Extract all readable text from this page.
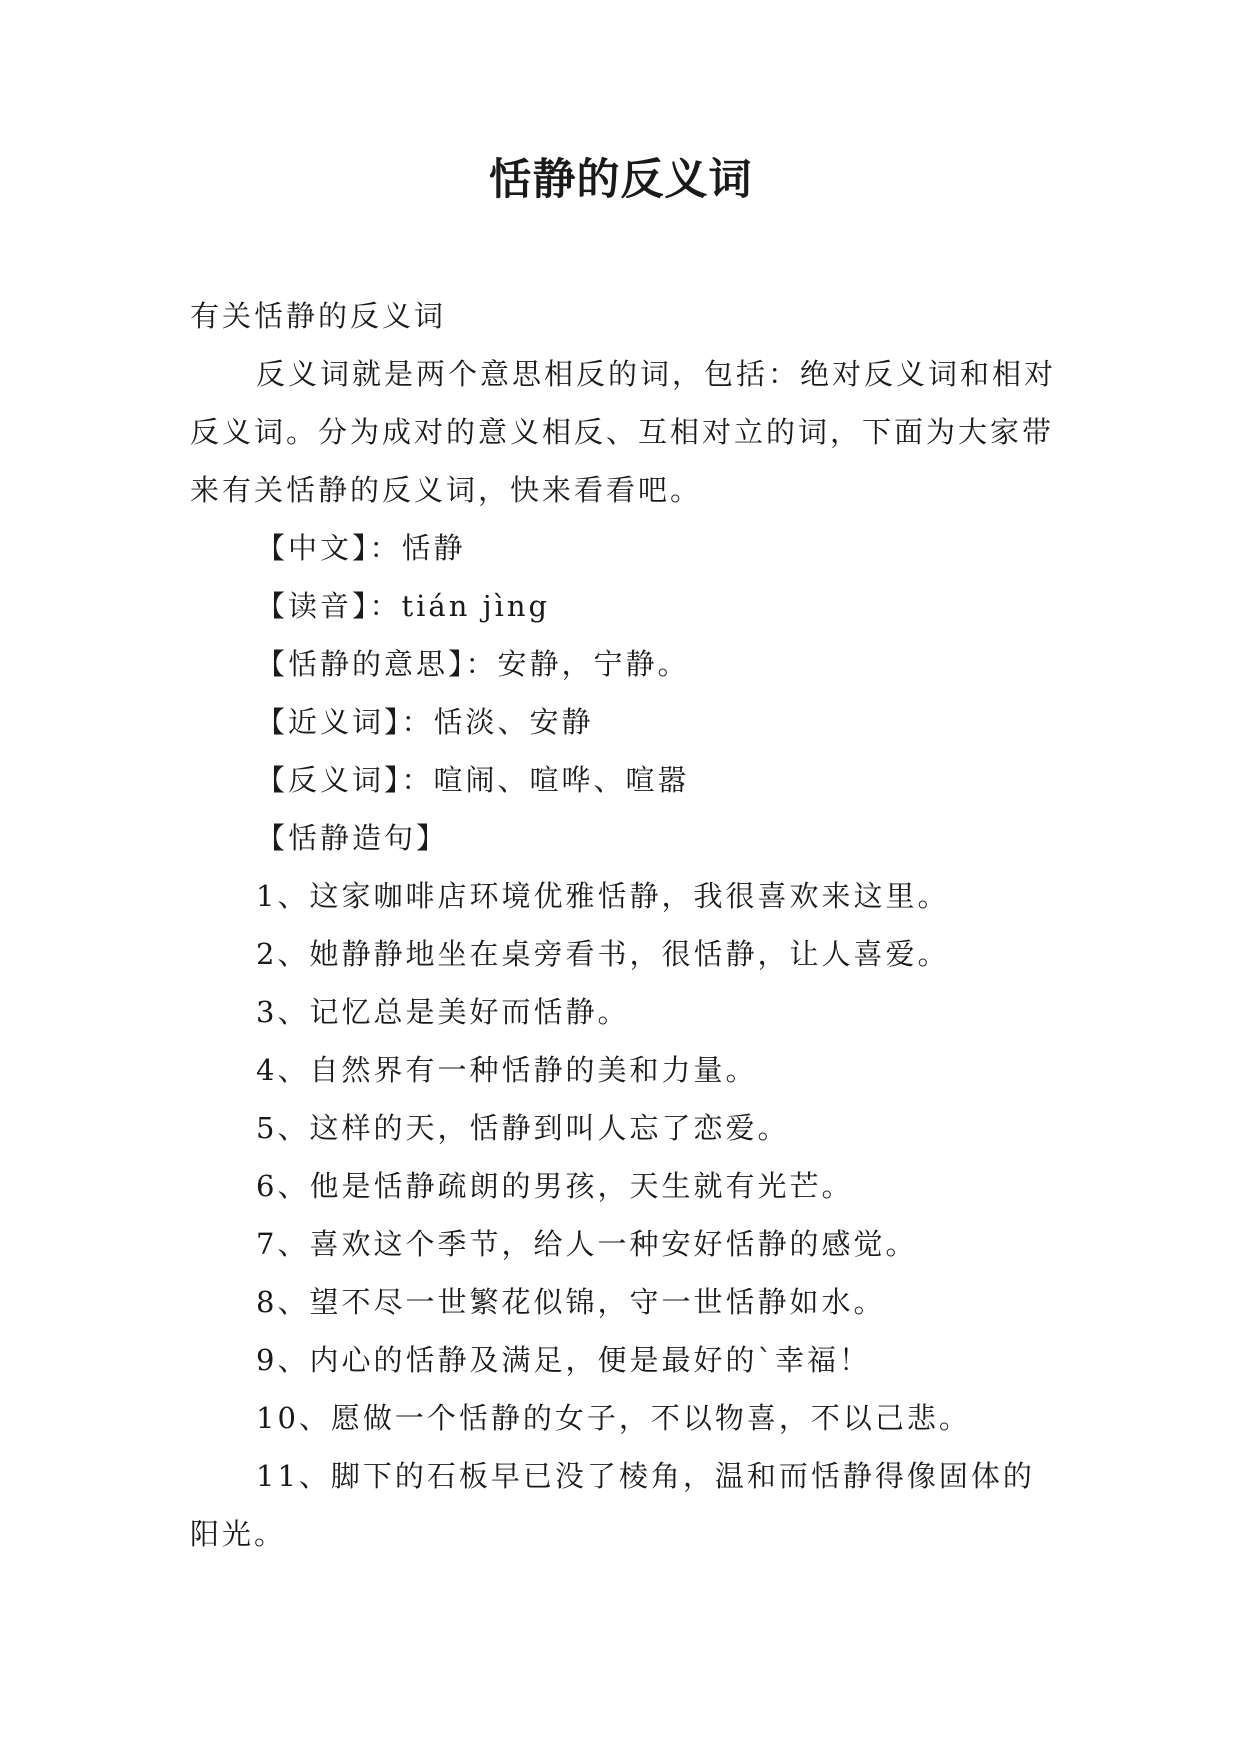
恬静的反义词

有关恬静的反义词

反义词就是两个意思相反的词，包括：绝对反义词和相对反义词。分为成对的意义相反、互相对立的词，下面为大家带来有关恬静的反义词，快来看看吧。

【中文】：恬静

【读音】：tián jìng

【恬静的意思】：安静，宁静。

【近义词】：恬淡、安静

【反义词】：喧闹、喧哗、喧嚣

【恬静造句】

1、这家咖啡店环境优雅恬静，我很喜欢来这里。

2、她静静地坐在桌旁看书，很恬静，让人喜爱。

3、记忆总是美好而恬静。

4、自然界有一种恬静的美和力量。

5、这样的天，恬静到叫人忘了恋爱。

6、他是恬静疏朗的男孩，天生就有光芒。

7、喜欢这个季节，给人一种安好恬静的感觉。

8、望不尽一世繁花似锦，守一世恬静如水。

9、内心的恬静及满足，便是最好的`幸福！

10、愿做一个恬静的女子，不以物喜，不以己悲。

11、脚下的石板早已没了棱角，温和而恬静得像固体的阳光。
